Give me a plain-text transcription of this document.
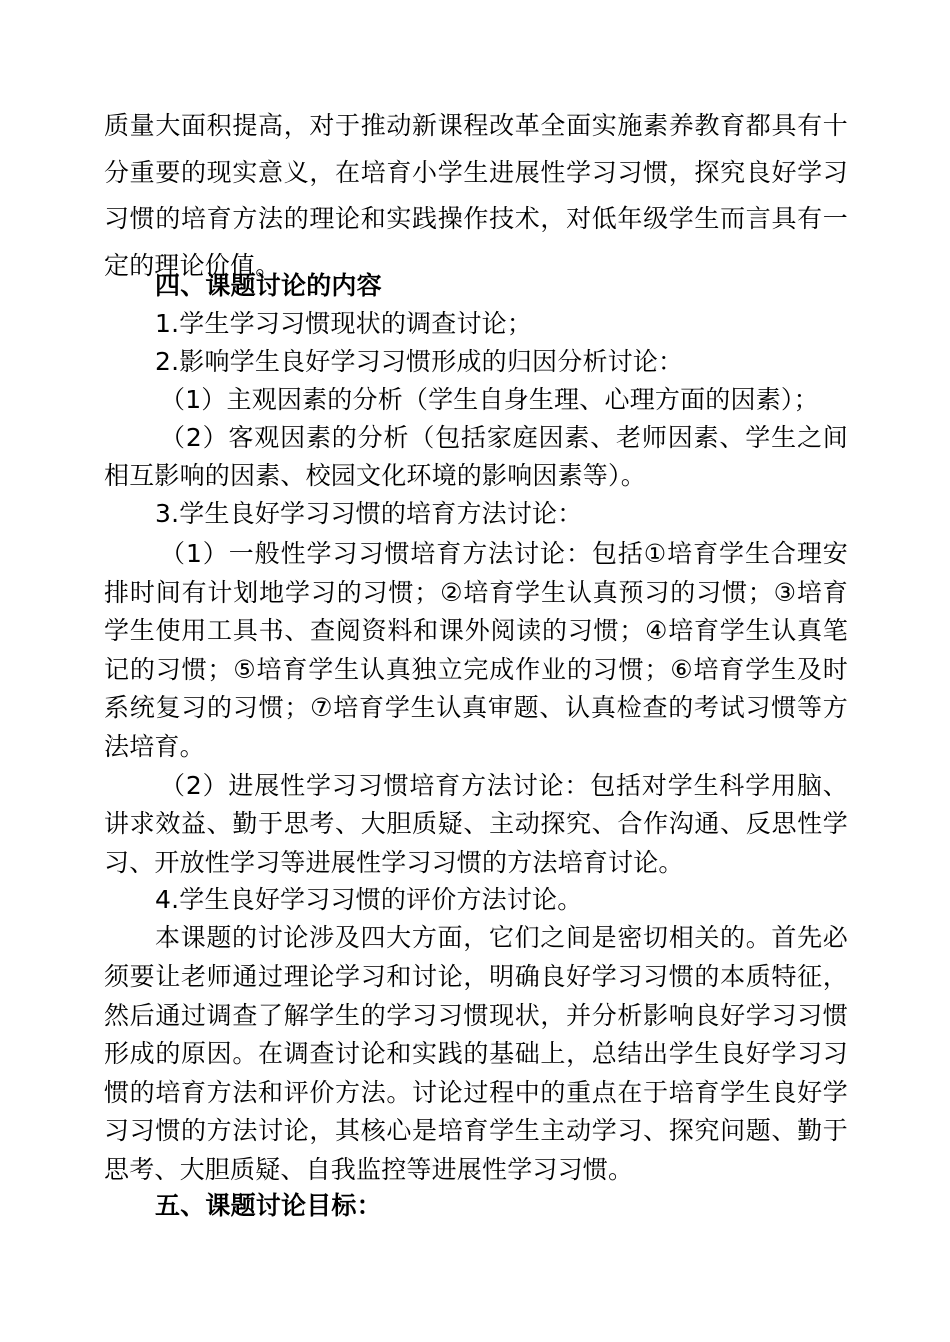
质量大面积提高，对于推动新课程改革全面实施素养教育都具有十
分重要的现实意义，在培育小学生进展性学习习惯，探究良好学习
习惯的培育方法的理论和实践操作技术，对低年级学生而言具有一
定的理论价值。
四、课题讨论的内容
1.学生学习习惯现状的调查讨论；
2.影响学生良好学习习惯形成的归因分析讨论：
（1）主观因素的分析（学生自身生理、心理方面的因素）；
（2）客观因素的分析（包括家庭因素、老师因素、学生之间
相互影响的因素、校园文化环境的影响因素等）。
3.学生良好学习习惯的培育方法讨论：
（1）一般性学习习惯培育方法讨论：包括①培育学生合理安
排时间有计划地学习的习惯；②培育学生认真预习的习惯；③培育
学生使用工具书、查阅资料和课外阅读的习惯；④培育学生认真笔
记的习惯；⑤培育学生认真独立完成作业的习惯；⑥培育学生及时
系统复习的习惯；⑦培育学生认真审题、认真检查的考试习惯等方
法培育。
（2）进展性学习习惯培育方法讨论：包括对学生科学用脑、
讲求效益、勤于思考、大胆质疑、主动探究、合作沟通、反思性学
习、开放性学习等进展性学习习惯的方法培育讨论。
4.学生良好学习习惯的评价方法讨论。
本课题的讨论涉及四大方面，它们之间是密切相关的。首先必
须要让老师通过理论学习和讨论，明确良好学习习惯的本质特征，
然后通过调查了解学生的学习习惯现状，并分析影响良好学习习惯
形成的原因。在调查讨论和实践的基础上，总结出学生良好学习习
惯的培育方法和评价方法。讨论过程中的重点在于培育学生良好学
习习惯的方法讨论，其核心是培育学生主动学习、探究问题、勤于
思考、大胆质疑、自我监控等进展性学习习惯。
五、课题讨论目标：
